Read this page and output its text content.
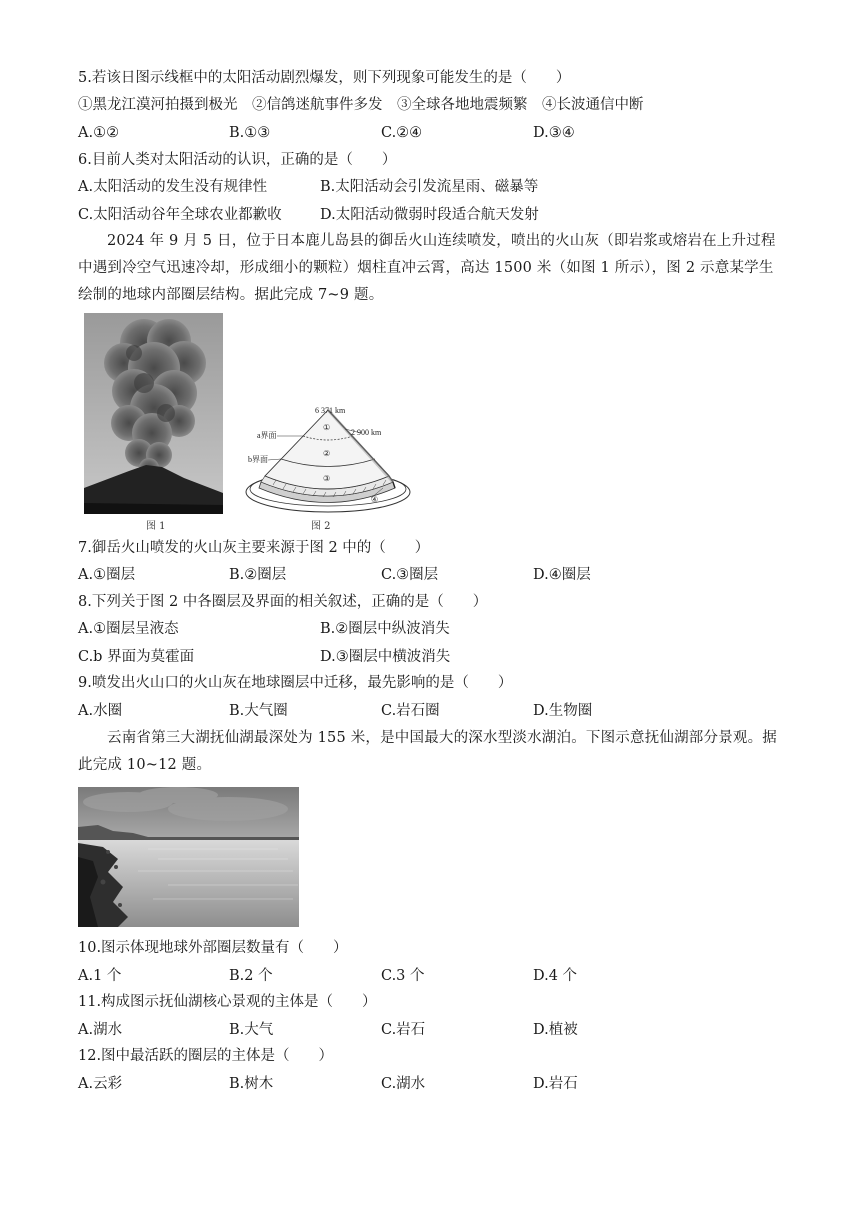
5.若该日图示线框中的太阳活动剧烈爆发，则下列现象可能发生的是（　　）
①黑龙江漠河拍摄到极光　②信鸽迷航事件多发　③全球各地地震频繁　④长波通信中断
A.①②	B.①③	C.②④	D.③④
6.目前人类对太阳活动的认识，正确的是（　　）
A.太阳活动的发生没有规律性	B.太阳活动会引发流星雨、磁暴等
C.太阳活动谷年全球农业都歉收	D.太阳活动微弱时段适合航天发射
2024 年 9 月 5 日，位于日本鹿儿岛县的御岳火山连续喷发，喷出的火山灰（即岩浆或熔岩在上升过程中遇到冷空气迅速冷却，形成细小的颗粒）烟柱直冲云霄，高达 1500 米（如图 1 所示），图 2 示意某学生绘制的地球内部圈层结构。据此完成 7~9 题。
图 1
6 371 km
2 900 km
a界面
b界面
①
②
③
④
图 2
7.御岳火山喷发的火山灰主要来源于图 2 中的（　　）
A.①圈层	B.②圈层	C.③圈层	D.④圈层
8.下列关于图 2 中各圈层及界面的相关叙述，正确的是（　　）
A.①圈层呈液态	B.②圈层中纵波消失
C.b 界面为莫霍面	D.③圈层中横波消失
9.喷发出火山口的火山灰在地球圈层中迁移，最先影响的是（　　）
A.水圈	B.大气圈	C.岩石圈	D.生物圈
云南省第三大湖抚仙湖最深处为 155 米，是中国最大的深水型淡水湖泊。下图示意抚仙湖部分景观。据此完成 10~12 题。
10.图示体现地球外部圈层数量有（　　）
A.1 个	B.2 个	C.3 个	D.4 个
11.构成图示抚仙湖核心景观的主体是（　　）
A.湖水	B.大气	C.岩石	D.植被
12.图中最活跃的圈层的主体是（　　）
A.云彩	B.树木	C.湖水	D.岩石
